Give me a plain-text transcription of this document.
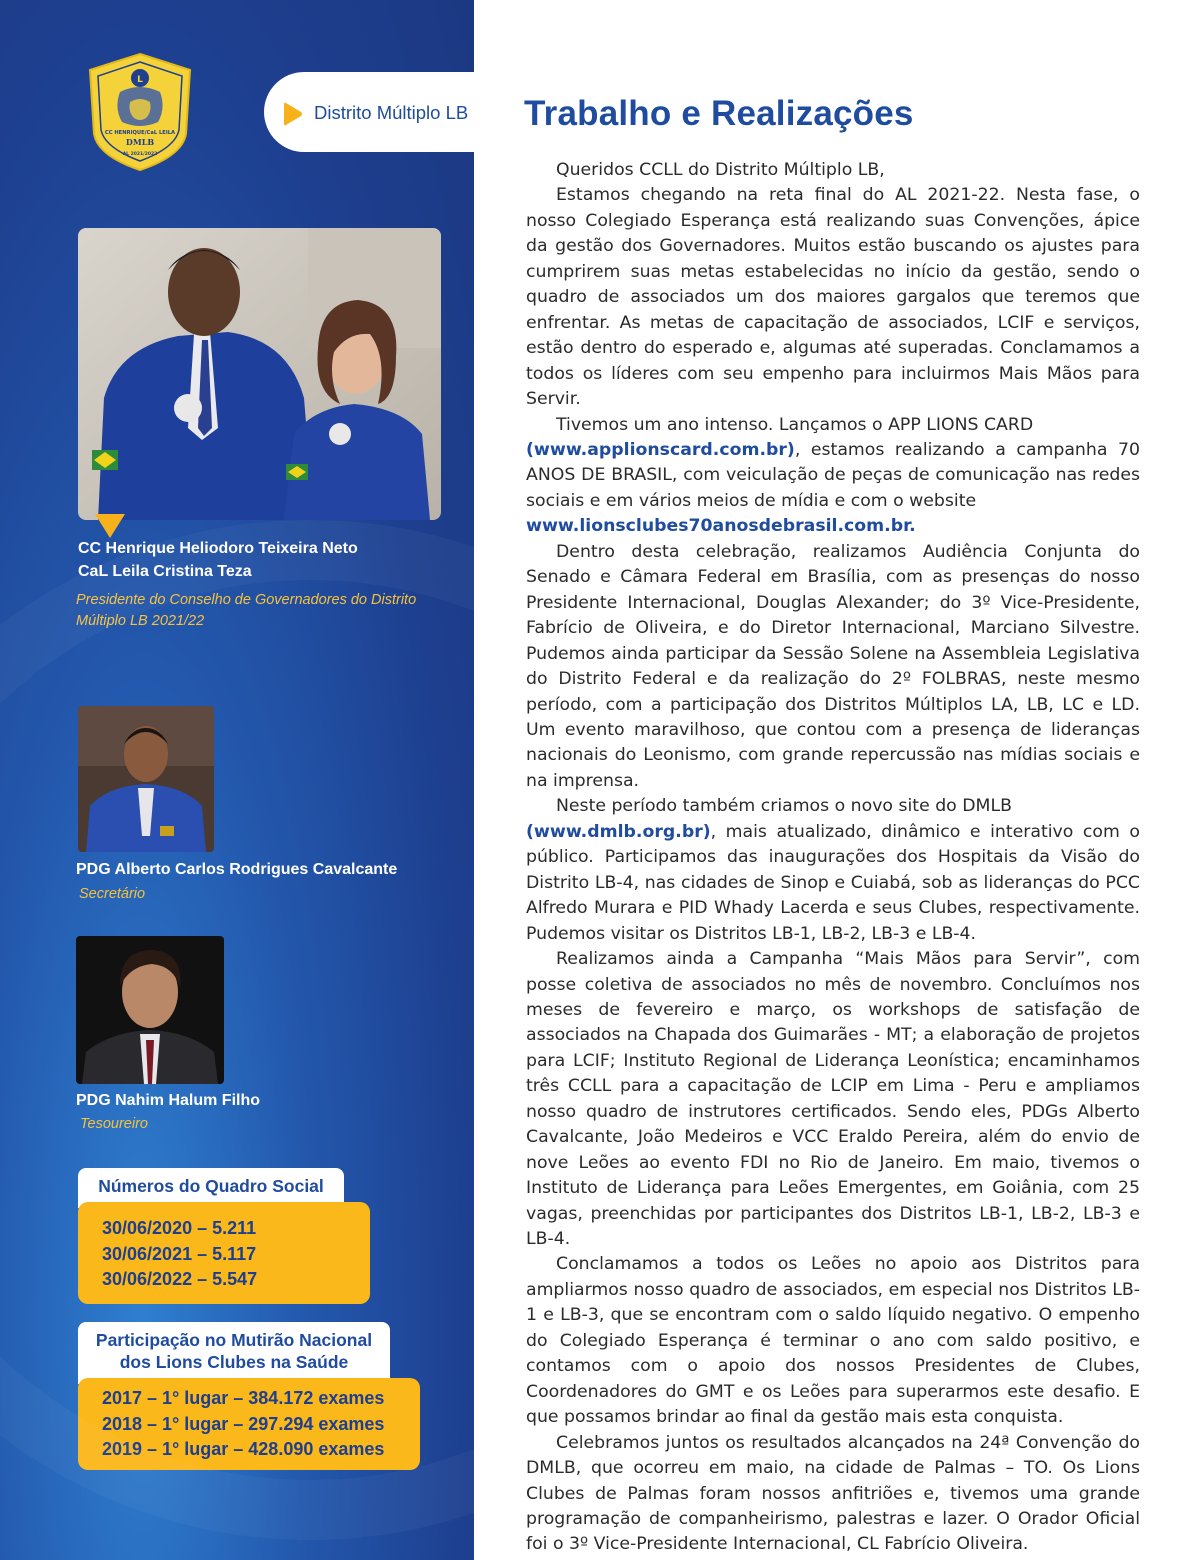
L
CC HENRIQUE/CaL LEILA
DMLB
AL 2021/2022
CC Henrique Heliodoro Teixeira Neto
CaL Leila Cristina Teza
Presidente do Conselho de Governadores do Distrito
Múltiplo LB 2021/22
PDG Alberto Carlos Rodrigues Cavalcante
Secretário
PDG Nahim Halum Filho
Tesoureiro
Números do Quadro Social
30/06/2020 – 5.211
30/06/2021 – 5.117
30/06/2022 – 5.547
Participação no Mutirão Nacional
dos Lions Clubes na Saúde
2017 – 1° lugar – 384.172 exames
2018 – 1° lugar – 297.294 exames
2019 – 1° lugar – 428.090 exames
Distrito Múltiplo LB Trabalho e Realizações

Queridos CCLL do Distrito Múltiplo LB,

Estamos chegando na reta final do AL 2021-22. Nesta fase, o nosso Colegiado Esperança está realizando suas Convenções, ápice da gestão dos Governadores. Muitos estão buscando os ajustes para cumprirem suas metas estabelecidas no início da gestão, sendo o quadro de associados um dos maiores gargalos que teremos que enfrentar. As metas de capacitação de associados, LCIF e serviços, estão dentro do esperado e, algumas até superadas. Conclamamos a todos os líderes com seu empenho para incluirmos Mais Mãos para Servir.

Tivemos um ano intenso. Lançamos o APP LIONS CARD
(www.applionscard.com.br), estamos realizando a campanha 70 ANOS DE BRASIL, com veiculação de peças de comunicação nas redes sociais e em vários meios de mídia e com o website
www.lionsclubes70anosdebrasil.com.br.

Dentro desta celebração, realizamos Audiência Conjunta do Senado e Câmara Federal em Brasília, com as presenças do nosso Presidente Internacional, Douglas Alexander; do 3º Vice-Presidente, Fabrício de Oliveira, e do Diretor Internacional, Marciano Silvestre. Pudemos ainda participar da Sessão Solene na Assembleia Legislativa do Distrito Federal e da realização do 2º FOLBRAS, neste mesmo período, com a participação dos Distritos Múltiplos LA, LB, LC e LD. Um evento maravilhoso, que contou com a presença de lideranças nacionais do Leonismo, com grande repercussão nas mídias sociais e na imprensa.

Neste período também criamos o novo site do DMLB
(www.dmlb.org.br), mais atualizado, dinâmico e interativo com o público. Participamos das inaugurações dos Hospitais da Visão do Distrito LB-4, nas cidades de Sinop e Cuiabá, sob as lideranças do PCC Alfredo Murara e PID Whady Lacerda e seus Clubes, respectivamente. Pudemos visitar os Distritos LB-1, LB-2, LB-3 e LB-4.

Realizamos ainda a Campanha “Mais Mãos para Servir”, com posse coletiva de associados no mês de novembro. Concluímos nos meses de fevereiro e março, os workshops de satisfação de associados na Chapada dos Guimarães - MT; a elaboração de projetos para LCIF; Instituto Regional de Liderança Leonística; encaminhamos três CCLL para a capacitação de LCIP em Lima - Peru e ampliamos nosso quadro de instrutores certificados. Sendo eles, PDGs Alberto Cavalcante, João Medeiros e VCC Eraldo Pereira, além do envio de nove Leões ao evento FDI no Rio de Janeiro. Em maio, tivemos o Instituto de Liderança para Leões Emergentes, em Goiânia, com 25 vagas, preenchidas por participantes dos Distritos LB-1, LB-2, LB-3 e LB-4.

Conclamamos a todos os Leões no apoio aos Distritos para ampliarmos nosso quadro de associados, em especial nos Distritos LB-1 e LB-3, que se encontram com o saldo líquido negativo. O empenho do Colegiado Esperança é terminar o ano com saldo positivo, e contamos com o apoio dos nossos Presidentes de Clubes, Coordenadores do GMT e os Leões para superarmos este desafio. E que possamos brindar ao final da gestão mais esta conquista.

Celebramos juntos os resultados alcançados na 24ª Convenção do DMLB, que ocorreu em maio, na cidade de Palmas – TO. Os Lions Clubes de Palmas foram nossos anfitriões e, tivemos uma grande programação de companheirismo, palestras e lazer. O Orador Oficial foi o 3º Vice-Presidente Internacional, CL Fabrício Oliveira.
